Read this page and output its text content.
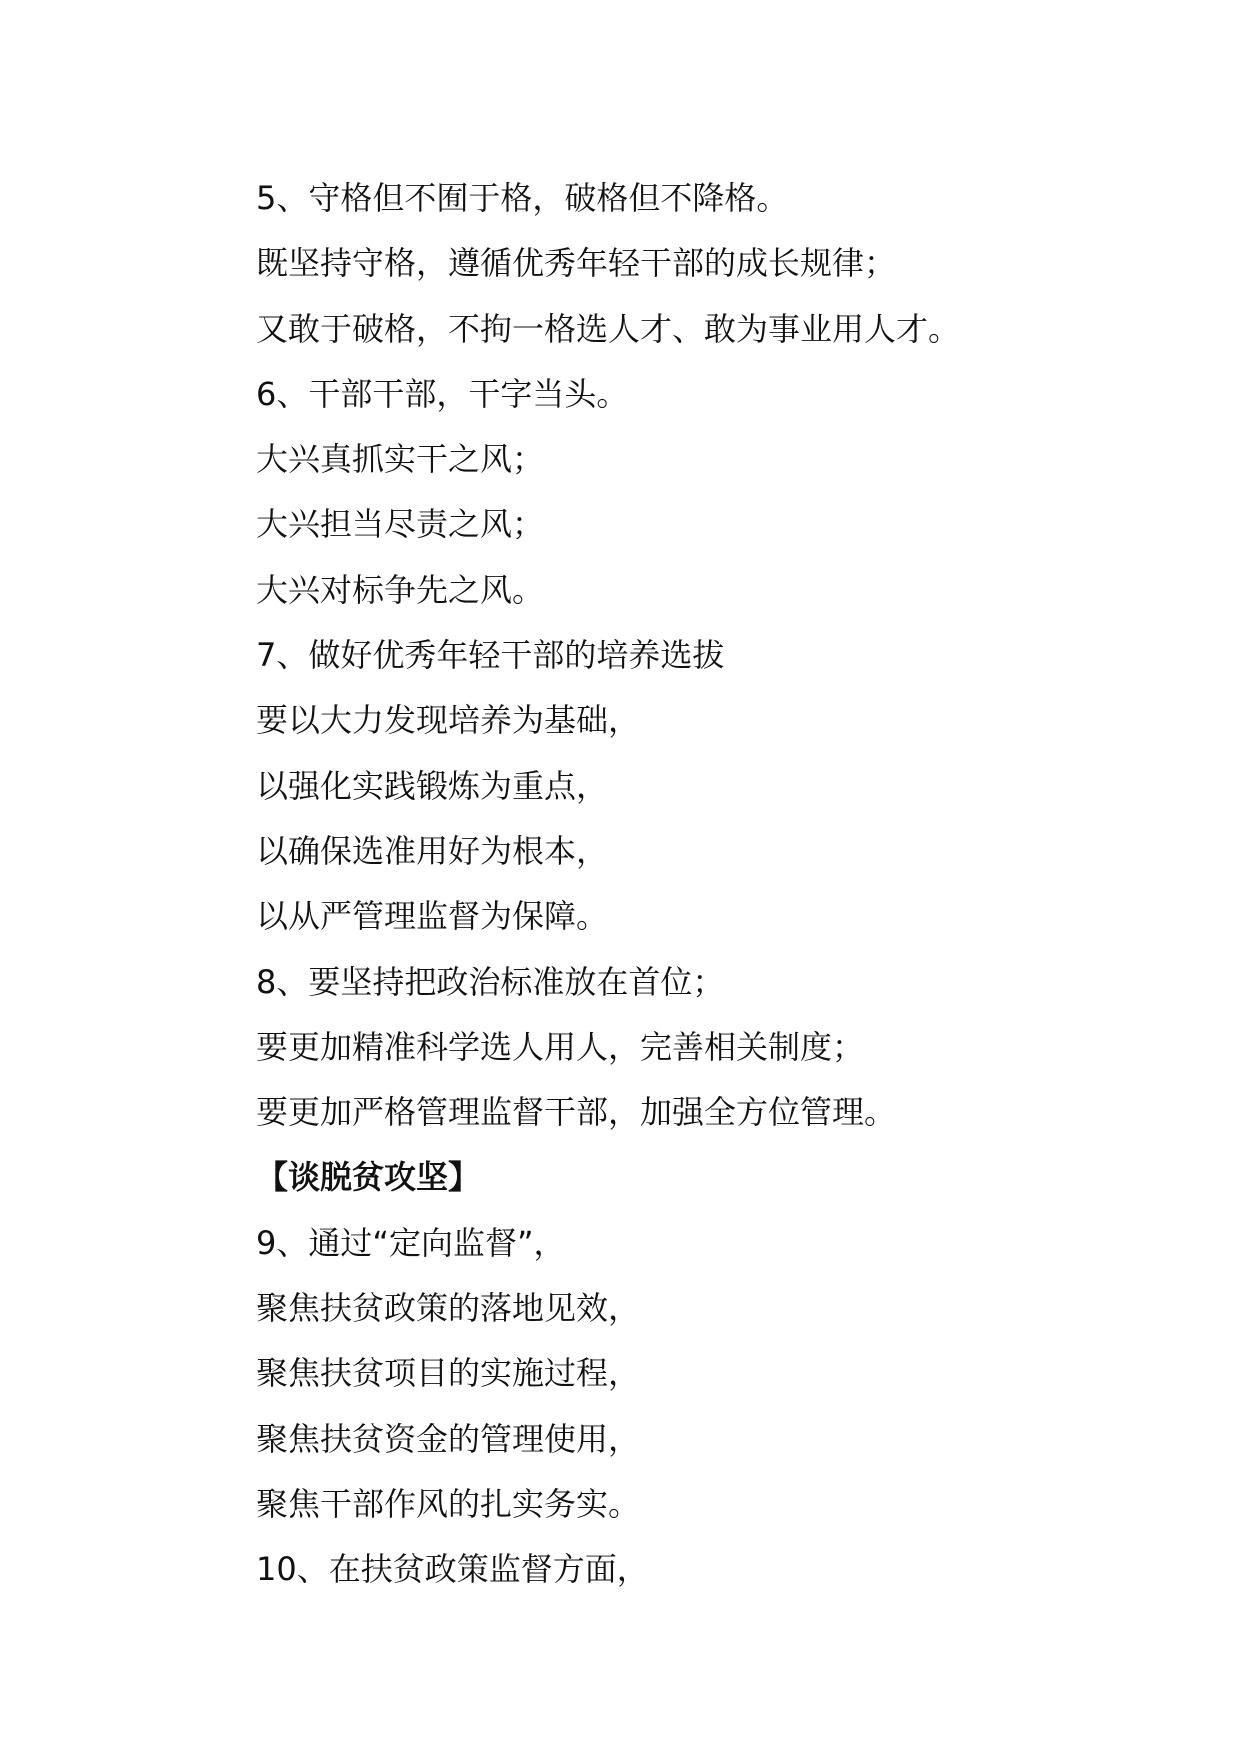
5、守格但不囿于格，破格但不降格。
既坚持守格，遵循优秀年轻干部的成长规律；
又敢于破格，不拘一格选人才、敢为事业用人才。
6、干部干部，干字当头。
大兴真抓实干之风；
大兴担当尽责之风；
大兴对标争先之风。
7、做好优秀年轻干部的培养选拔
要以大力发现培养为基础，
以强化实践锻炼为重点，
以确保选准用好为根本，
以从严管理监督为保障。
8、要坚持把政治标准放在首位；
要更加精准科学选人用人，完善相关制度；
要更加严格管理监督干部，加强全方位管理。
【谈脱贫攻坚】
9、通过“定向监督”，
聚焦扶贫政策的落地见效，
聚焦扶贫项目的实施过程，
聚焦扶贫资金的管理使用，
聚焦干部作风的扎实务实。
10、在扶贫政策监督方面，
